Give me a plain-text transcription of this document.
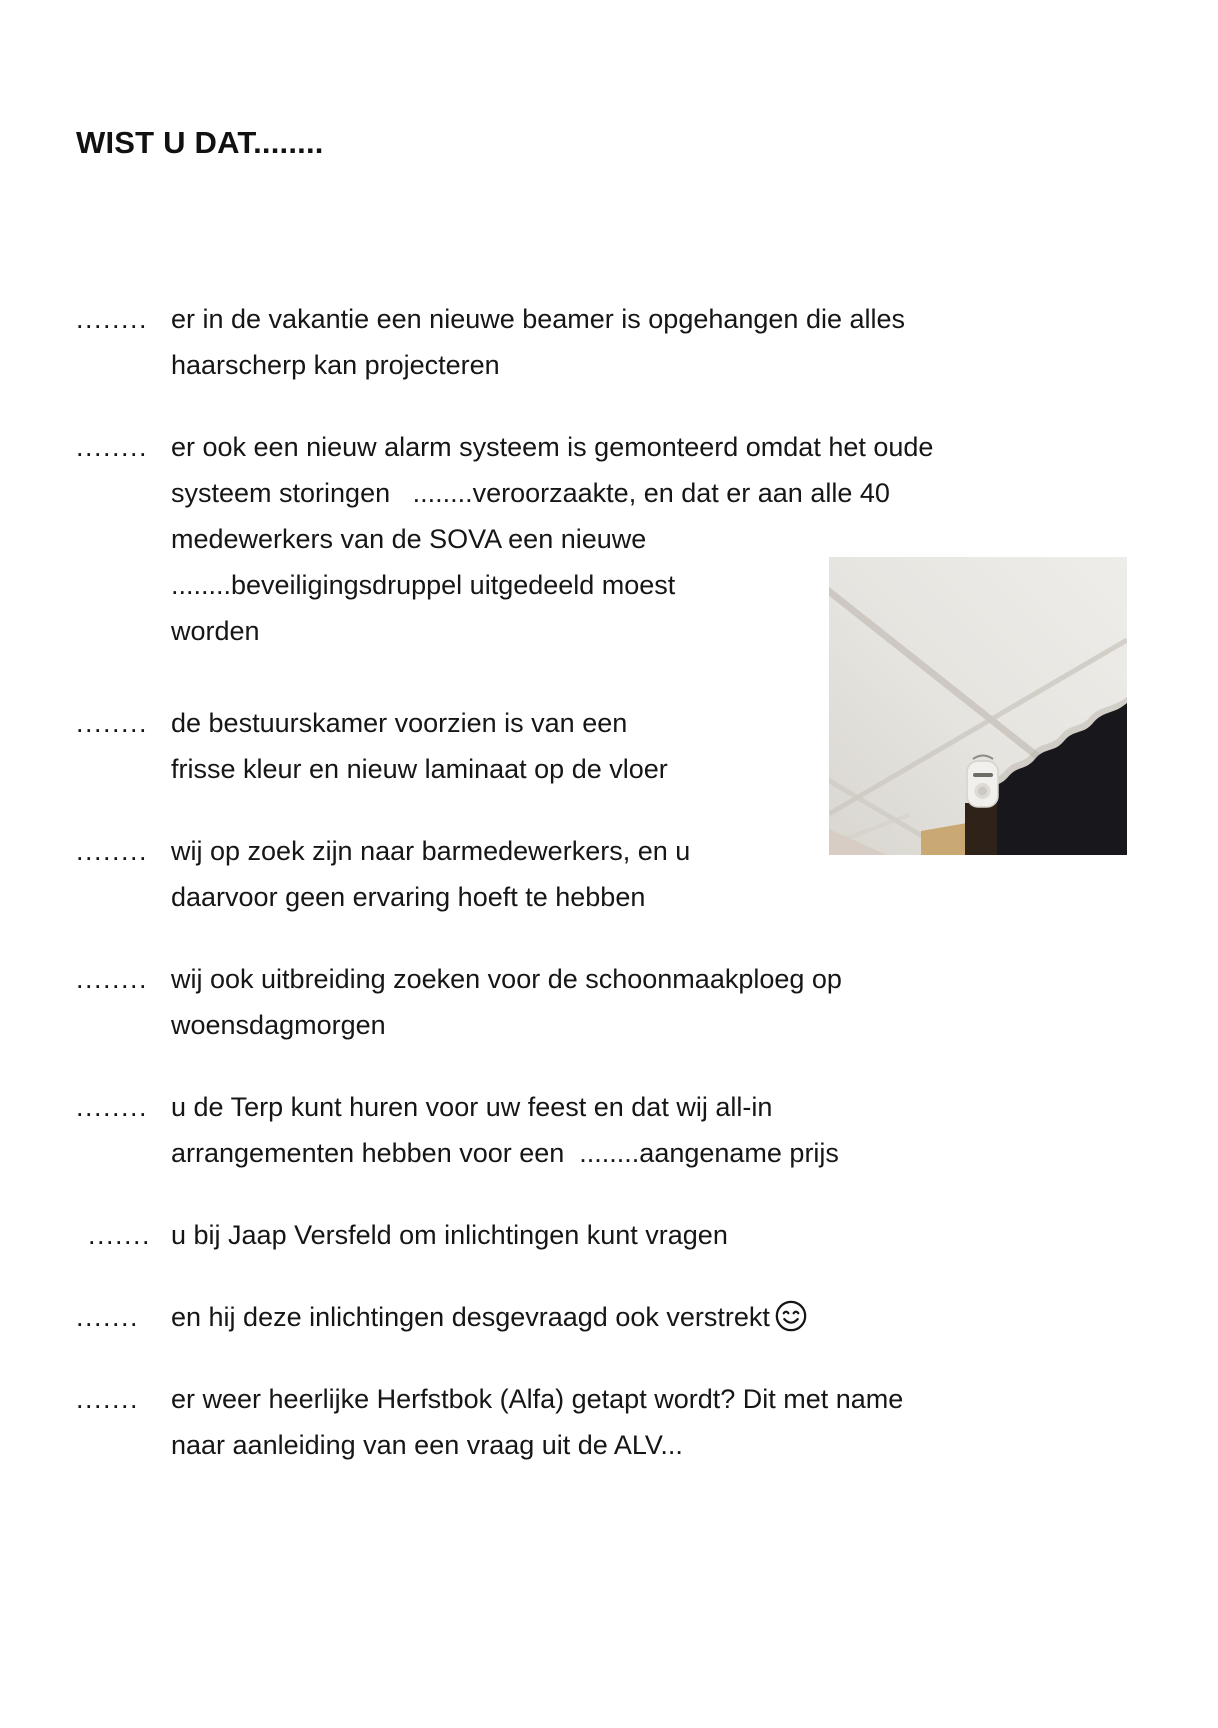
WIST U DAT........
........ er in de vakantie een nieuwe beamer is opgehangen die alles
haarscherp kan projecteren
........ er ook een nieuw alarm systeem is gemonteerd omdat het oude
systeem storingen   ........veroorzaakte, en dat er aan alle 40
medewerkers van de SOVA een nieuwe
........beveiligingsdruppel uitgedeeld moest
worden
........ de bestuurskamer voorzien is van een
frisse kleur en nieuw laminaat op de vloer
........ wij op zoek zijn naar barmedewerkers, en u
daarvoor geen ervaring hoeft te hebben
........ wij ook uitbreiding zoeken voor de schoonmaakploeg op
woensdagmorgen
........ u de Terp kunt huren voor uw feest en dat wij all-in
arrangementen hebben voor een  ........aangename prijs
....... u bij Jaap Versfeld om inlichtingen kunt vragen
.......	en hij deze inlichtingen desgevraagd ook verstrekt
.......	er weer heerlijke Herfstbok (Alfa) getapt wordt? Dit met name
naar aanleiding van een vraag uit de ALV...
